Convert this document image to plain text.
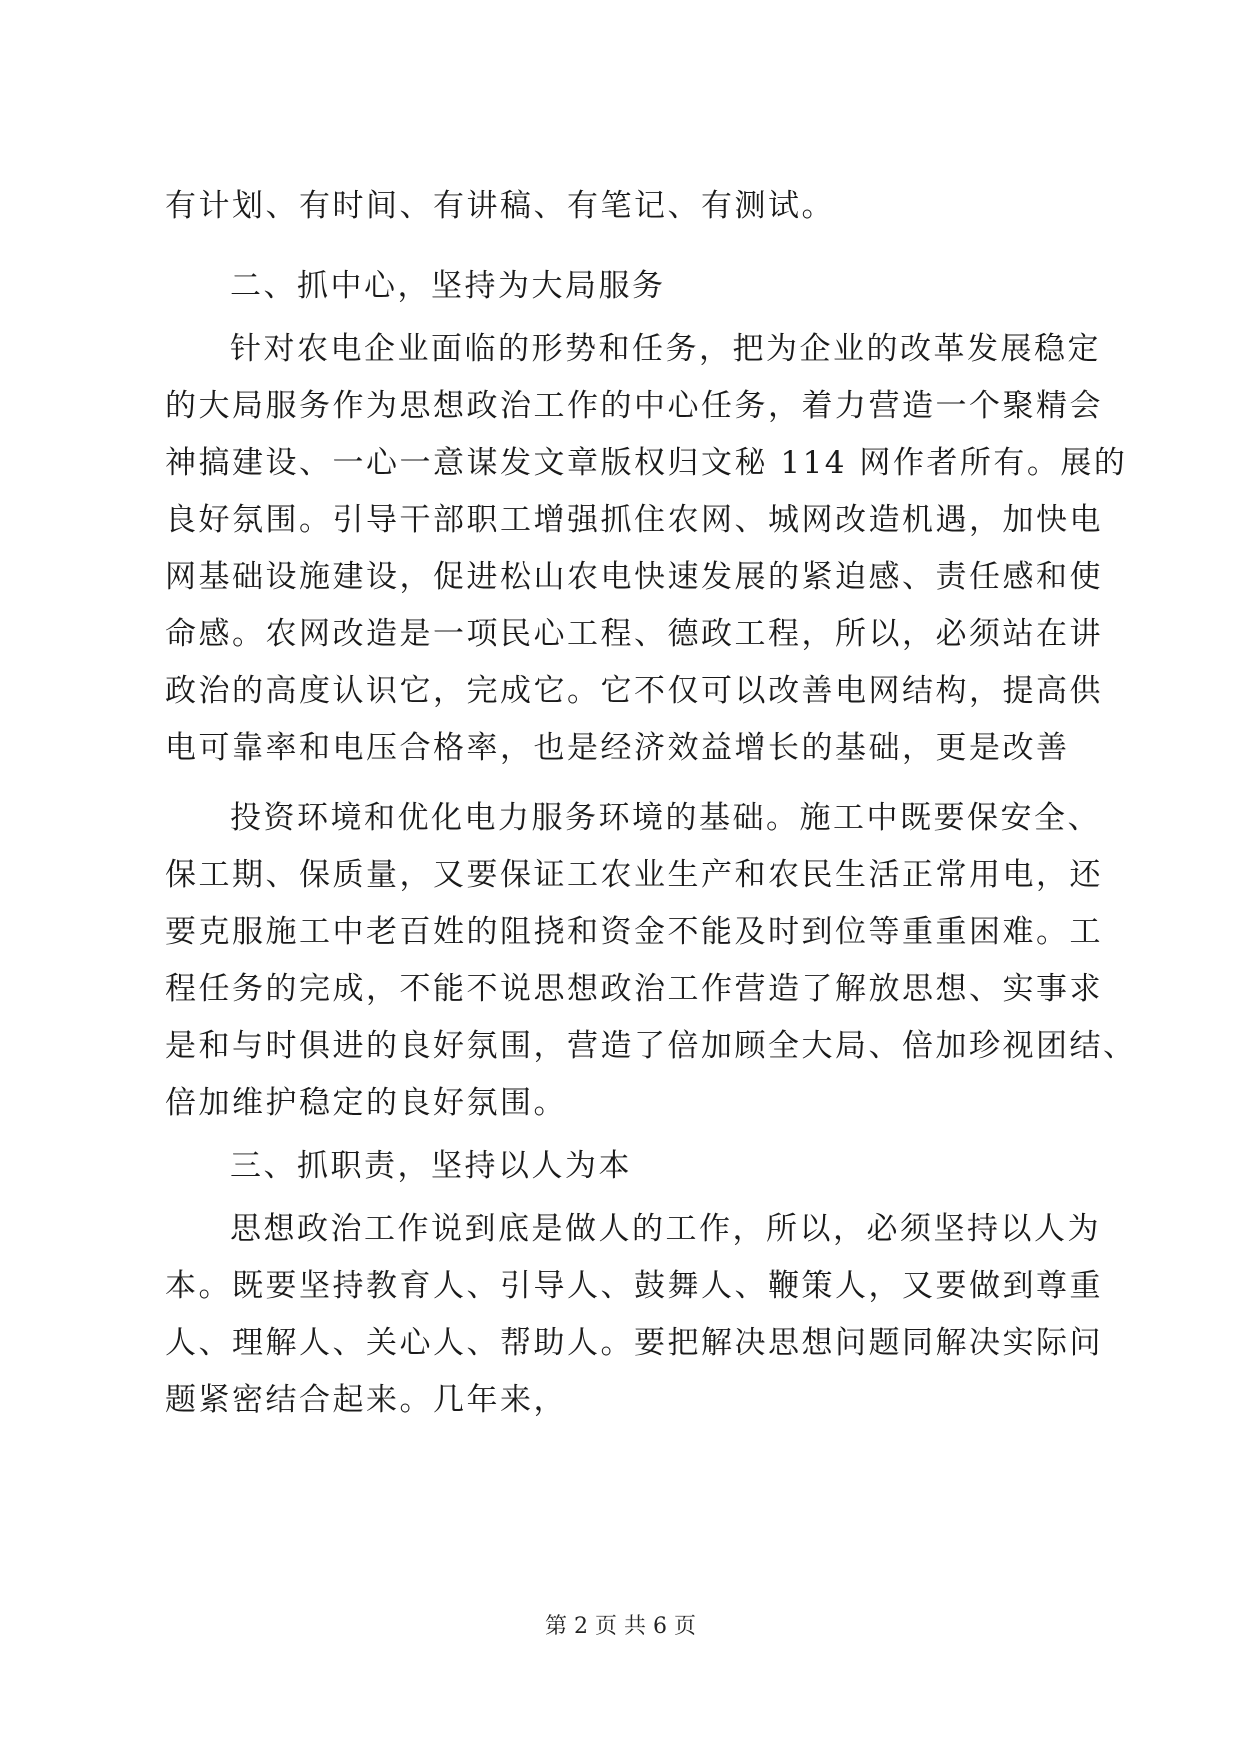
有计划、有时间、有讲稿、有笔记、有测试。
二、抓中心，坚持为大局服务
针对农电企业面临的形势和任务，把为企业的改革发展稳定
的大局服务作为思想政治工作的中心任务，着力营造一个聚精会
神搞建设、一心一意谋发文章版权归文秘 114 网作者所有。展的
良好氛围。引导干部职工增强抓住农网、城网改造机遇，加快电
网基础设施建设，促进松山农电快速发展的紧迫感、责任感和使
命感。农网改造是一项民心工程、德政工程，所以，必须站在讲
政治的高度认识它，完成它。它不仅可以改善电网结构，提高供
电可靠率和电压合格率，也是经济效益增长的基础，更是改善
投资环境和优化电力服务环境的基础。施工中既要保安全、
保工期、保质量，又要保证工农业生产和农民生活正常用电，还
要克服施工中老百姓的阻挠和资金不能及时到位等重重困难。工
程任务的完成，不能不说思想政治工作营造了解放思想、实事求
是和与时俱进的良好氛围，营造了倍加顾全大局、倍加珍视团结、
倍加维护稳定的良好氛围。
三、抓职责，坚持以人为本
思想政治工作说到底是做人的工作，所以，必须坚持以人为
本。既要坚持教育人、引导人、鼓舞人、鞭策人，又要做到尊重
人、理解人、关心人、帮助人。要把解决思想问题同解决实际问
题紧密结合起来。几年来，
第 2 页 共 6 页
